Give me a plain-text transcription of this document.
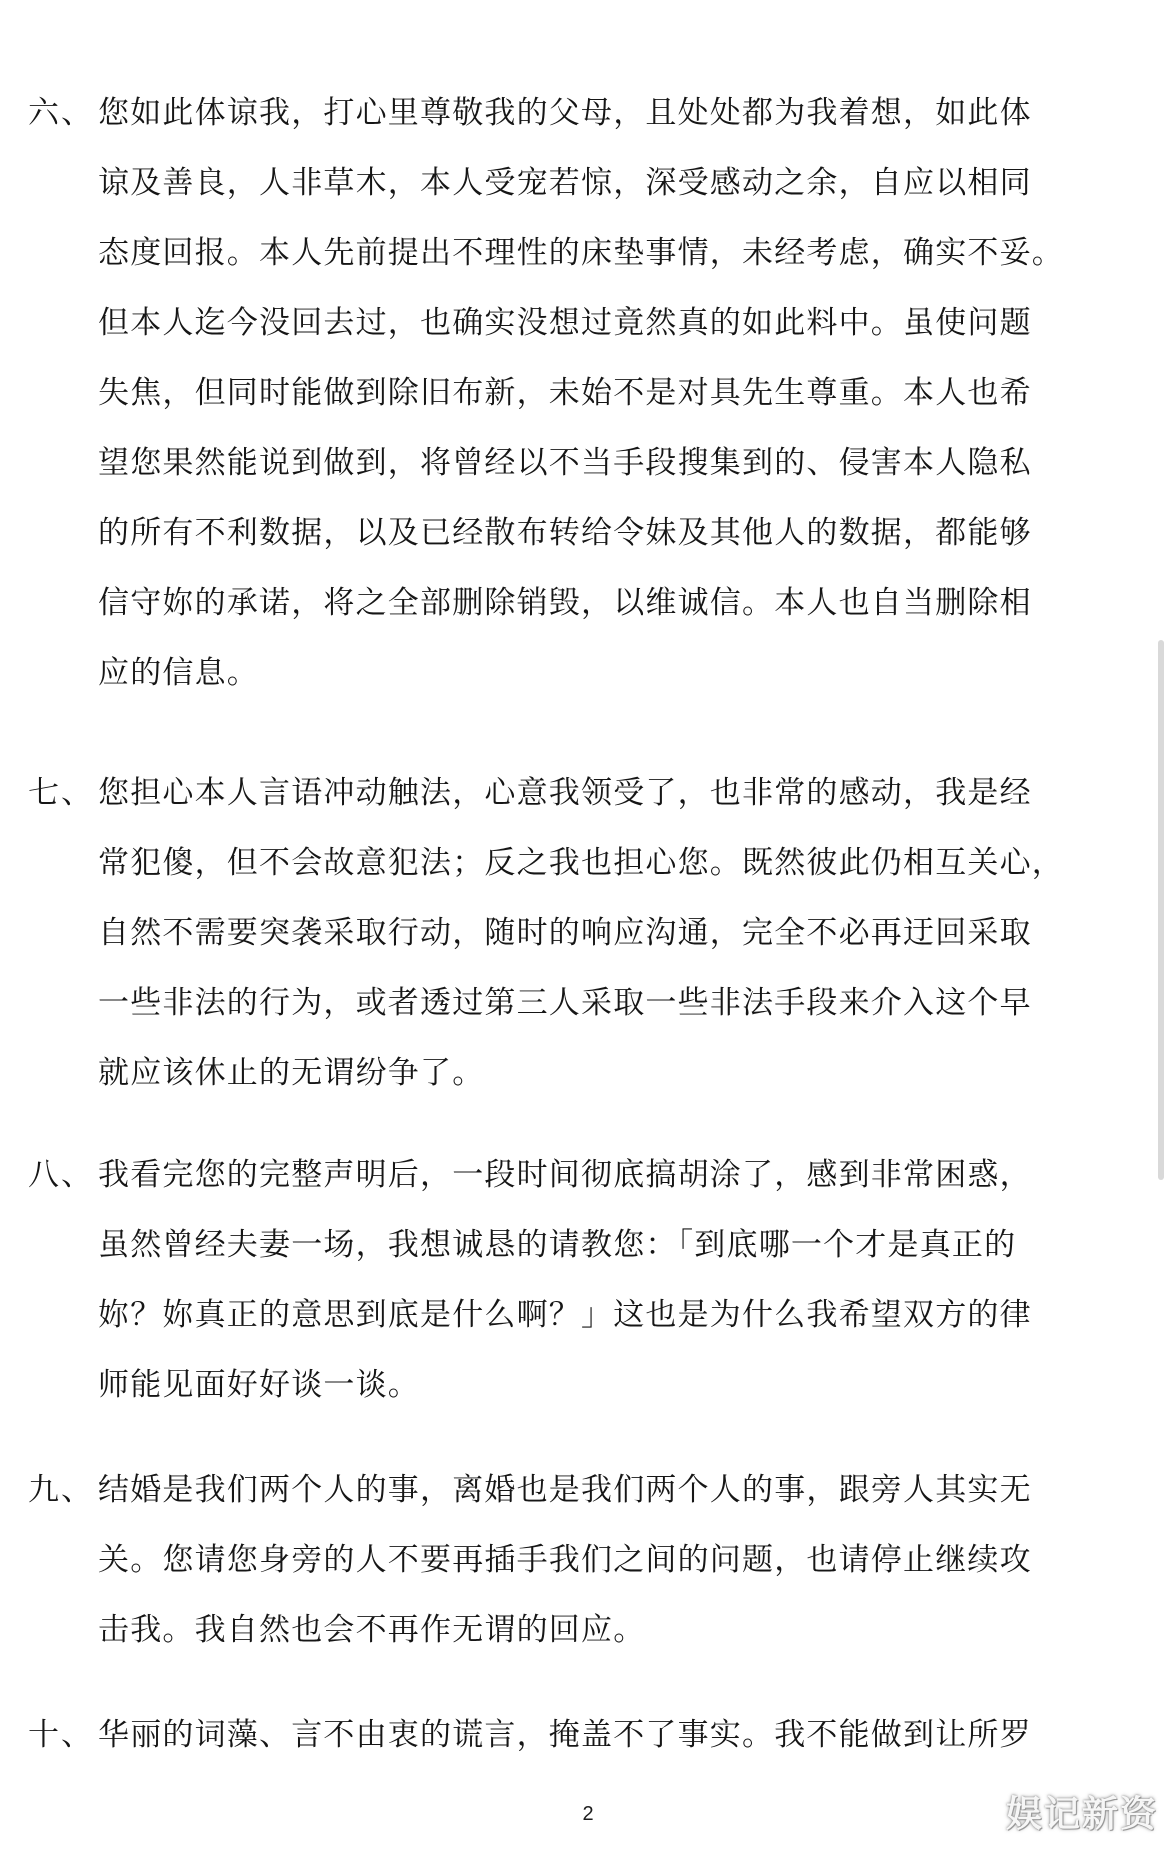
六、 您如此体谅我，打心里尊敬我的父母，且处处都为我着想，如此体
谅及善良，人非草木，本人受宠若惊，深受感动之余，自应以相同
态度回报。本人先前提出不理性的床垫事情，未经考虑，确实不妥。
但本人迄今没回去过，也确实没想过竟然真的如此料中。虽使问题
失焦，但同时能做到除旧布新，未始不是对具先生尊重。本人也希
望您果然能说到做到，将曾经以不当手段搜集到的、侵害本人隐私
的所有不利数据，以及已经散布转给令妹及其他人的数据，都能够
信守妳的承诺，将之全部删除销毁，以维诚信。本人也自当删除相
应的信息。

七、 您担心本人言语冲动触法，心意我领受了，也非常的感动，我是经
常犯傻，但不会故意犯法；反之我也担心您。既然彼此仍相互关心，
自然不需要突袭采取行动，随时的响应沟通，完全不必再迂回采取
一些非法的行为，或者透过第三人采取一些非法手段来介入这个早
就应该休止的无谓纷争了。

八、 我看完您的完整声明后，一段时间彻底搞胡涂了，感到非常困惑，
虽然曾经夫妻一场，我想诚恳的请教您：「到底哪一个才是真正的
妳？妳真正的意思到底是什么啊？」这也是为什么我希望双方的律
师能见面好好谈一谈。

九、 结婚是我们两个人的事，离婚也是我们两个人的事，跟旁人其实无
关。您请您身旁的人不要再插手我们之间的问题，也请停止继续攻
击我。我自然也会不再作无谓的回应。

十、 华丽的词藻、言不由衷的谎言，掩盖不了事实。我不能做到让所罗

2	娱记新资
